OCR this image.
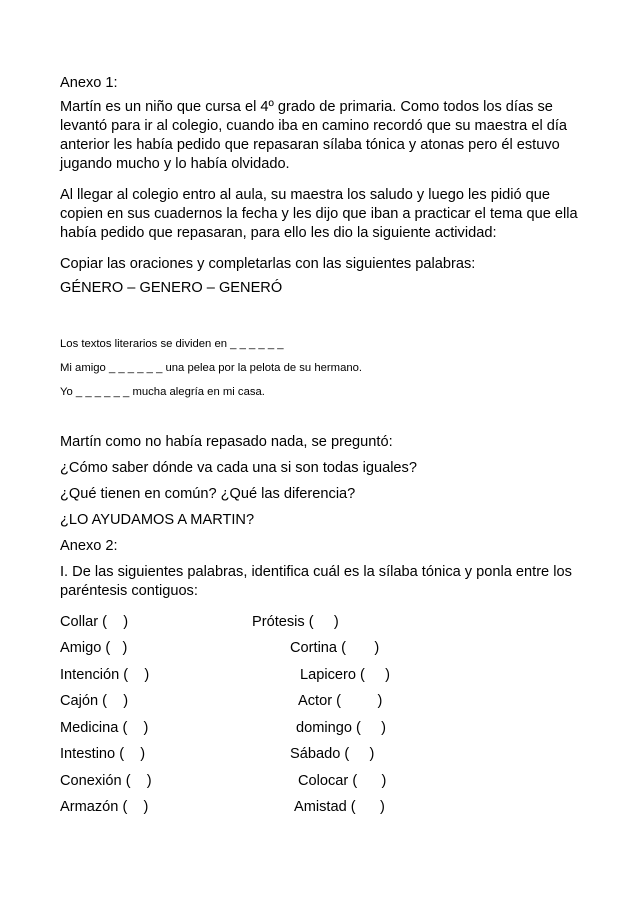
Anexo 1:

Martín es un niño que cursa el 4º grado de primaria. Como todos los días se levantó para ir al colegio, cuando iba en camino recordó que su maestra el día anterior les había pedido que repasaran sílaba tónica y atonas pero él estuvo jugando mucho y lo había olvidado.

Al llegar al colegio entro al aula, su maestra los saludo y luego les pidió que copien en sus cuadernos la fecha y les dijo que iban a practicar el tema que ella había pedido que repasaran, para ello les dio la siguiente actividad:

Copiar las oraciones y completarlas con las siguientes palabras:

GÉNERO – GENERO – GENERÓ

Los textos literarios se dividen en _ _ _ _ _ _

Mi amigo _ _ _ _ _ _ una pelea por la pelota de su hermano.

Yo _ _ _ _ _ _ mucha alegría en mi casa.

Martín como no había repasado nada, se preguntó:

¿Cómo saber dónde va cada una si son todas iguales?

¿Qué tienen en común? ¿Qué las diferencia?

¿LO AYUDAMOS A MARTIN?

Anexo 2:

I. De las siguientes palabras, identifica cuál es la sílaba tónica y ponla entre los paréntesis contiguos:

Collar (    )	Prótesis (     )
Amigo (   )	Cortina (       )
Intención (    )	Lapicero (     )
Cajón (    )	Actor (         )
Medicina (    )	domingo (     )
Intestino (    )	Sábado (     )
Conexión (    )	Colocar (      )
Armazón (    )	Amistad (      )
